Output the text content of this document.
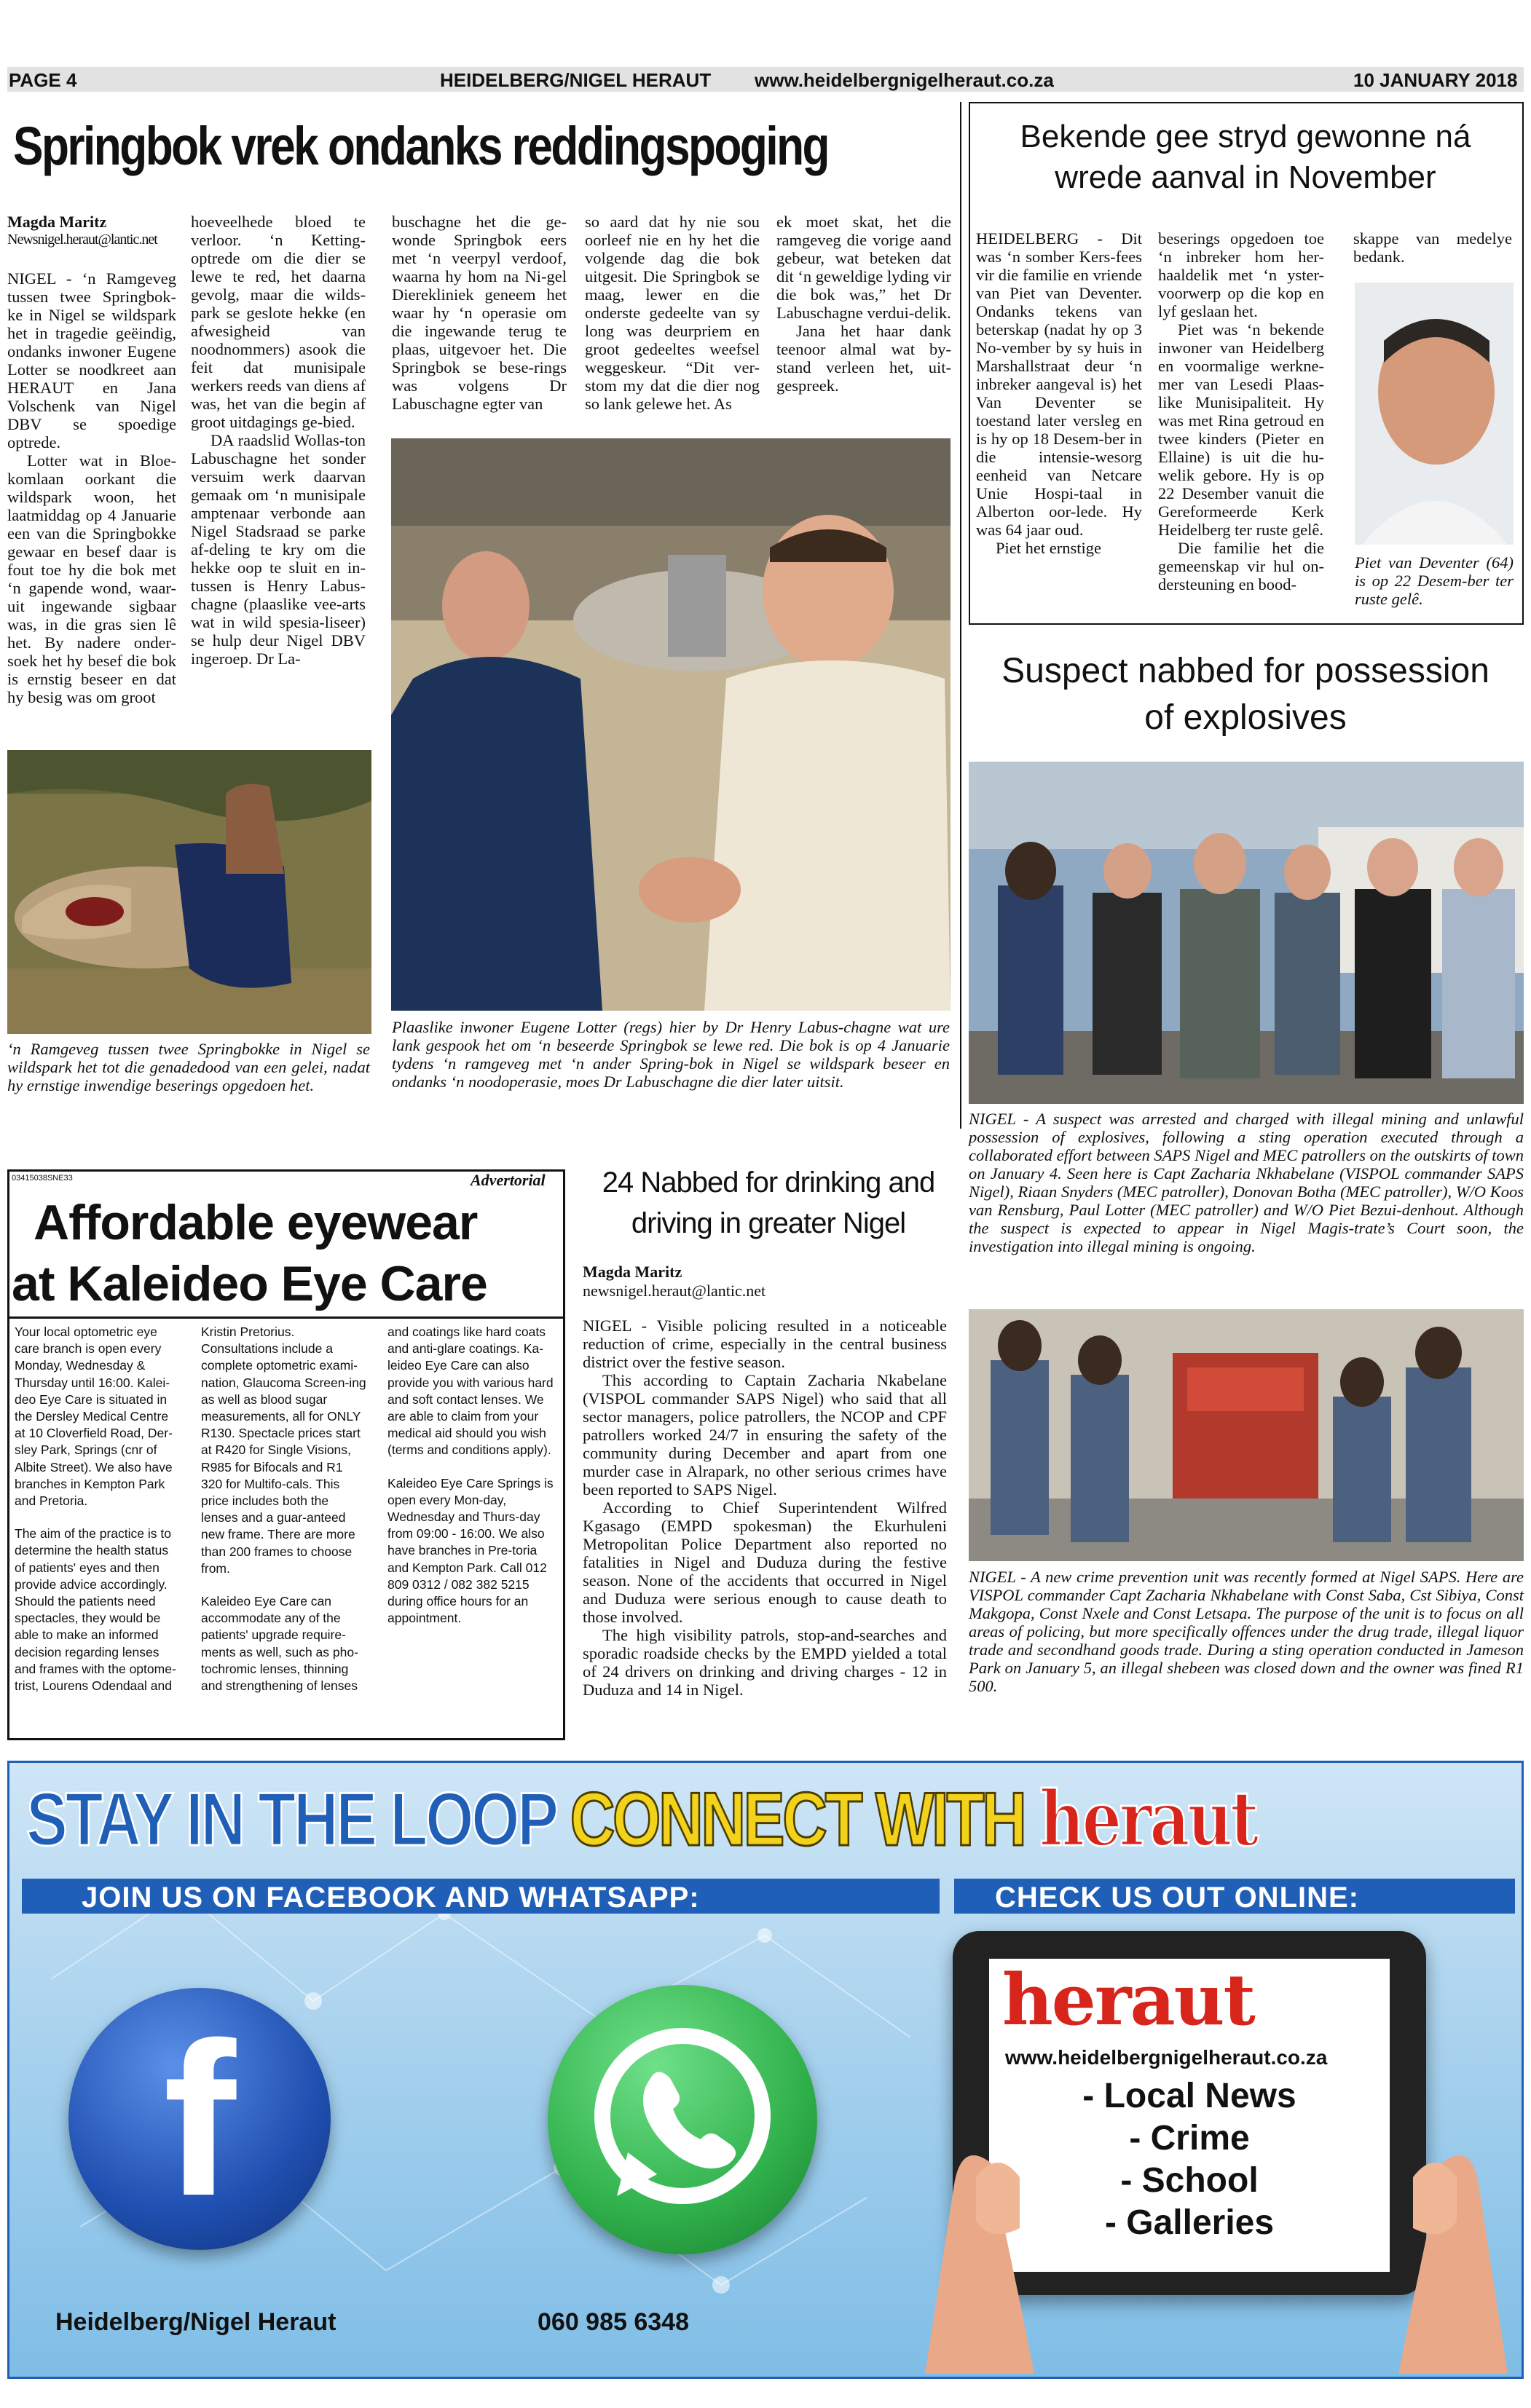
PAGE 4	HEIDELBERG/NIGEL HERAUT www.heidelbergnigelheraut.co.za	10 JANUARY 2018
Springbok vrek ondanks reddingspoging
Magda Maritz
Newsnigel.heraut@lantic.net

NIGEL - ‘n Ramgeveg tussen twee Springbok-ke in Nigel se wildspark het in tragedie geëindig, ondanks inwoner Eugene Lotter se noodkreet aan HERAUT en Jana Volschenk van Nigel DBV se spoedige optrede.

Lotter wat in Bloe-komlaan oorkant die wildspark woon, het laatmiddag op 4 Januarie een van die Springbokke gewaar en besef daar is fout toe hy die bok met ‘n gapende wond, waar-uit ingewande sigbaar was, in die gras sien lê het. By nadere onder-soek het hy besef die bok is ernstig beseer en dat hy besig was om groot

hoeveelhede bloed te verloor. ‘n Ketting-optrede om die dier se lewe te red, het daarna gevolg, maar die wilds-park se geslote hekke (en afwesigheid van noodnommers) asook die feit dat munisipale werkers reeds van diens af was, het van die begin af groot uitdagings ge-bied.

DA raadslid Wollas-ton Labuschagne het sonder versuim werk daarvan gemaak om ‘n munisipale amptenaar verbonde aan Nigel Stadsraad se parke af-deling te kry om die hekke oop te sluit en in-tussen is Henry Labus-chagne (plaaslike vee-arts wat in wild spesia-liseer) se hulp deur Nigel DBV ingeroep. Dr La-

buschagne het die ge-wonde Springbok eers met ‘n veerpyl verdoof, waarna hy hom na Ni-gel Dierekliniek geneem het waar hy ‘n operasie om die ingewande terug te plaas, uitgevoer het. Die Springbok se bese-rings was volgens Dr Labuschagne egter van

so aard dat hy nie sou oorleef nie en hy het die volgende dag die bok uitgesit. Die Springbok se maag, lewer en die onderste gedeelte van sy long was deurpriem en groot gedeeltes weefsel weggeskeur. “Dit ver-stom my dat die dier nog so lank gelewe het. As

ek moet skat, het die ramgeveg die vorige aand gebeur, wat beteken dat dit ‘n geweldige lyding vir die bok was,” het Dr Labuschagne verdui-delik.

Jana het haar dank teenoor almal wat by-stand verleen het, uit-gespreek.

‘n Ramgeveg tussen twee Springbokke in Nigel se wildspark het tot die genadedood van een gelei, nadat hy ernstige inwendige beserings opgedoen het.
Plaaslike inwoner Eugene Lotter (regs) hier by Dr Henry Labus-chagne wat ure lank gespook het om ‘n beseerde Springbok se lewe red. Die bok is op 4 Januarie tydens ‘n ramgeveg met ‘n ander Spring-bok in Nigel se wildspark beseer en ondanks ‘n noodoperasie, moes Dr Labuschagne die dier later uitsit.
Bekende gee stryd gewonne ná wrede aanval in November

HEIDELBERG - Dit was ‘n somber Kers-fees vir die familie en vriende van Piet van Deventer. Ondanks tekens van beterskap (nadat hy op 3 No-vember by sy huis in Marshallstraat deur ‘n inbreker aangeval is) het Van Deventer se toestand later versleg en is hy op 18 Desem-ber in die intensie-wesorg eenheid van Netcare Unie Hospi-taal in Alberton oor-lede. Hy was 64 jaar oud.

Piet het ernstige

beserings opgedoen toe ‘n inbreker hom her-haaldelik met ‘n yster-voorwerp op die kop en lyf geslaan het.

Piet was ‘n bekende inwoner van Heidelberg en voormalige werkne-mer van Lesedi Plaas-like Munisipaliteit. Hy was met Rina getroud en twee kinders (Pieter en Ellaine) is uit die hu-welik gebore. Hy is op 22 Desember vanuit die Gereformeerde Kerk Heidelberg ter ruste gelê.

Die familie het die gemeenskap vir hul on-dersteuning en bood-

skappe van medelye bedank.

Piet van Deventer (64) is op 22 Desem-ber ter ruste gelê.
Suspect nabbed for possession of explosives
NIGEL - A suspect was arrested and charged with illegal mining and unlawful possession of explosives, following a sting operation executed through a collaborated effort between SAPS Nigel and MEC patrollers on the outskirts of town on January 4. Seen here is Capt Zacharia Nkhabelane (VISPOL commander SAPS Nigel), Riaan Snyders (MEC patroller), Donovan Botha (MEC patroller), W/O Koos van Rensburg, Paul Lotter (MEC patroller) and W/O Piet Bezui-denhout. Although the suspect is expected to appear in Nigel Magis-trate’s Court soon, the investigation into illegal mining is ongoing.
NIGEL - A new crime prevention unit was recently formed at Nigel SAPS. Here are VISPOL commander Capt Zacharia Nkhabelane with Const Saba, Cst Sibiya, Const Makgopa, Const Nxele and Const Letsapa. The purpose of the unit is to focus on all areas of policing, but more specifically offences under the drug trade, illegal liquor trade and secondhand goods trade. During a sting operation conducted in Jameson Park on January 5, an illegal shebeen was closed down and the owner was fined R1 500.
03415038SNE33	Advertorial
Affordable eyewear
at Kaleideo Eye Care

Your local optometric eye care branch is open every Monday, Wednesday & Thursday until 16:00. Kalei-deo Eye Care is situated in the Dersley Medical Centre at 10 Cloverfield Road, Der-sley Park, Springs (cnr of Albite Street). We also have branches in Kempton Park and Pretoria.

The aim of the practice is to determine the health status of patients' eyes and then provide advice accordingly. Should the patients need spectacles, they would be able to make an informed decision regarding lenses and frames with the optome-trist, Lourens Odendaal and

Kristin Pretorius. Consultations include a complete optometric exami-nation, Glaucoma Screen-ing as well as blood sugar measurements, all for ONLY R130. Spectacle prices start at R420 for Single Visions, R985 for Bifocals and R1 320 for Multifo-cals. This price includes both the lenses and a guar-anteed new frame. There are more than 200 frames to choose from.

Kaleideo Eye Care can accommodate any of the patients' upgrade require-ments as well, such as pho-tochromic lenses, thinning and strengthening of lenses

and coatings like hard coats and anti-glare coatings. Ka-leideo Eye Care can also provide you with various hard and soft contact lenses. We are able to claim from your medical aid should you wish (terms and conditions apply).

Kaleideo Eye Care Springs is open every Mon-day, Wednesday and Thurs-day from 09:00 - 16:00. We also have branches in Pre-toria and Kempton Park. Call 012 809 0312 / 082 382 5215 during office hours for an appointment.

24 Nabbed for drinking and driving in greater Nigel
Magda Maritz
newsnigel.heraut@lantic.net

NIGEL - Visible policing resulted in a noticeable reduction of crime, especially in the central business district over the festive season.

This according to Captain Zacharia Nkabelane (VISPOL commander SAPS Nigel) who said that all sector managers, police patrollers, the NCOP and CPF patrollers worked 24/7 in ensuring the safety of the community during December and apart from one murder case in Alrapark, no other serious crimes have been reported to SAPS Nigel.

According to Chief Superintendent Wilfred Kgasago (EMPD spokesman) the Ekurhuleni Metropolitan Police Department also reported no fatalities in Nigel and Duduza during the festive season. None of the accidents that occurred in Nigel and Duduza were serious enough to cause death to those involved.

The high visibility patrols, stop-and-searches and sporadic roadside checks by the EMPD yielded a total of 24 drivers on drinking and driving charges - 12 in Duduza and 14 in Nigel.

STAY IN THE LOOP CONNECT WITH heraut
JOIN US ON FACEBOOK AND WHATSAPP:	CHECK US OUT ONLINE:
f
Heidelberg/Nigel Heraut	060 985 6348
heraut
www.heidelbergnigelheraut.co.za
- Local News
- Crime
- School
- Galleries
